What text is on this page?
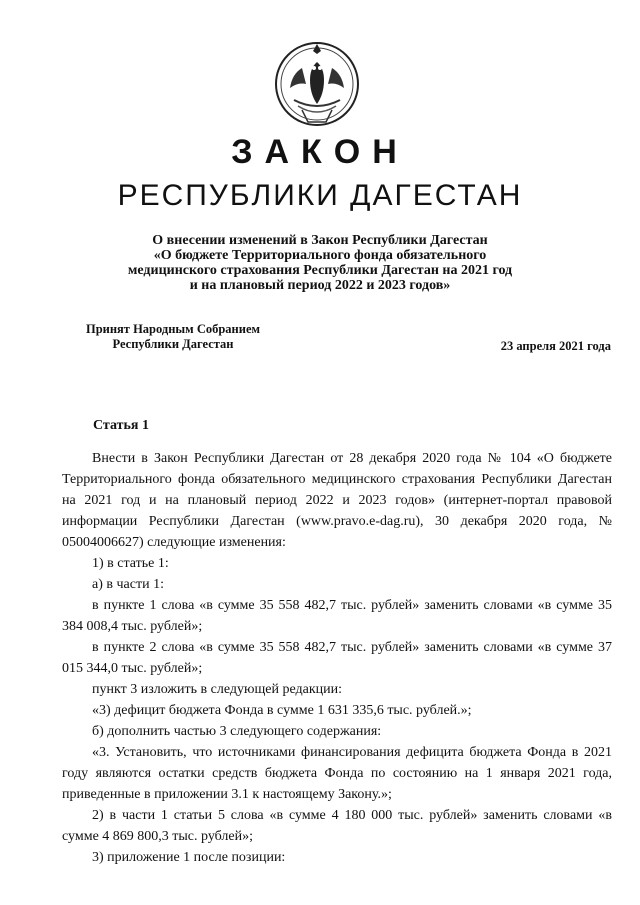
ЗАКОН
РЕСПУБЛИКИ ДАГЕСТАН
О внесении изменений в Закон Республики Дагестан
«О бюджете Территориального фонда обязательного
медицинского страхования Республики Дагестан на 2021 год
и на плановый период 2022 и 2023 годов»
Принят Народным Собранием
Республики Дагестан	23 апреля 2021 года
Статья 1

Внести в Закон Республики Дагестан от 28 декабря 2020 года № 104 «О бюджете Территориального фонда обязательного медицинского страхования Республики Дагестан на 2021 год и на плановый период 2022 и 2023 годов» (интернет-портал правовой информации Республики Дагестан (www.pravo.e-dag.ru), 30 декабря 2020 года, № 05004006627) следующие изменения:

1) в статье 1:

а) в части 1:

в пункте 1 слова «в сумме 35 558 482,7 тыс. рублей» заменить словами «в сумме 35 384 008,4 тыс. рублей»;

в пункте 2 слова «в сумме 35 558 482,7 тыс. рублей» заменить словами «в сумме 37 015 344,0 тыс. рублей»;

пункт 3 изложить в следующей редакции:

«3) дефицит бюджета Фонда в сумме 1 631 335,6 тыс. рублей.»;

б) дополнить частью 3 следующего содержания:

«3. Установить, что источниками финансирования дефицита бюджета Фонда в 2021 году являются остатки средств бюджета Фонда по состоянию на 1 января 2021 года, приведенные в приложении 3.1 к настоящему Закону.»;

2) в части 1 статьи 5 слова «в сумме 4 180 000 тыс. рублей» заменить словами «в сумме 4 869 800,3 тыс. рублей»;

3) приложение 1 после позиции:
